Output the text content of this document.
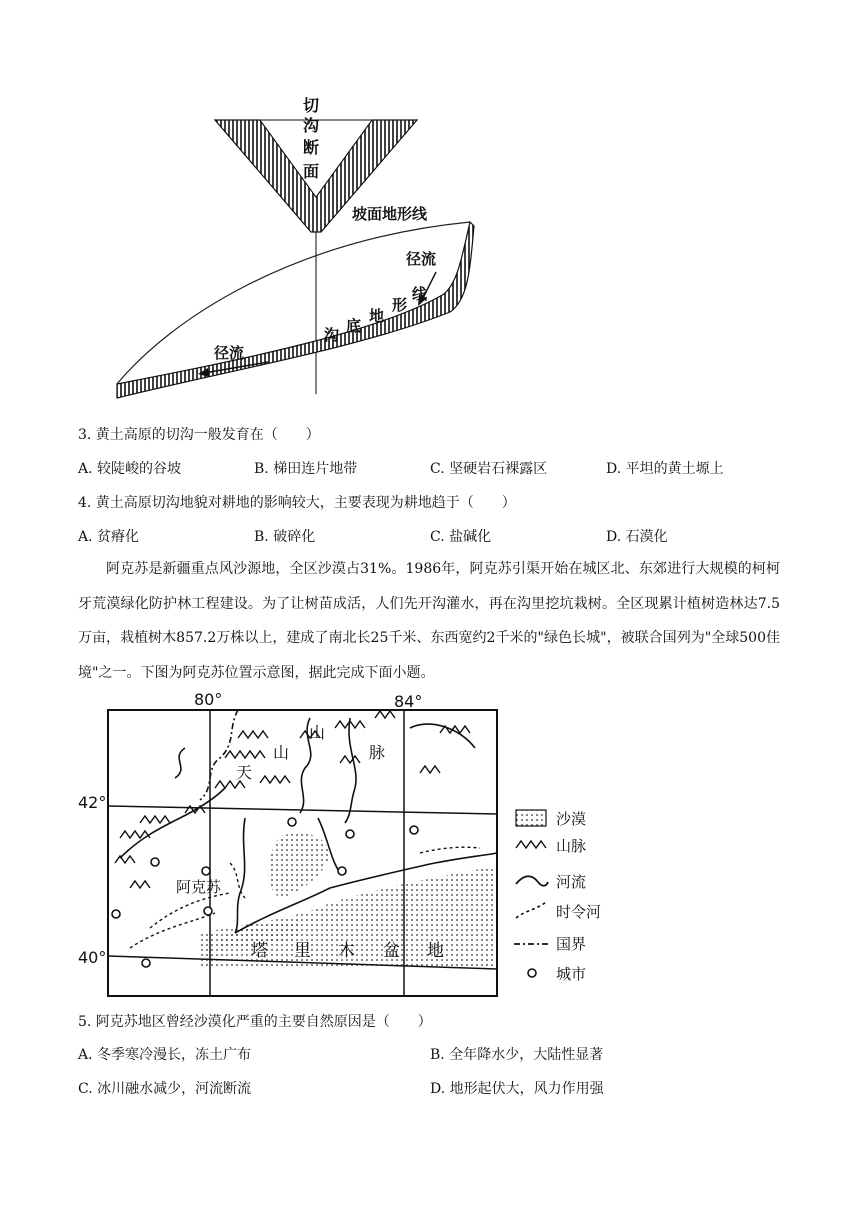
切
沟
断
面
坡面地形线
径流
沟 底
地
形
线
径流
3. 黄土高原的切沟一般发育在（　　）
A. 较陡峻的谷坡	B. 梯田连片地带	C. 坚硬岩石裸露区	D. 平坦的黄土塬上
4. 黄土高原切沟地貌对耕地的影响较大，主要表现为耕地趋于（　　）
A. 贫瘠化	B. 破碎化	C. 盐碱化	D. 石漠化
阿克苏是新疆重点风沙源地，全区沙漠占31%。1986年，阿克苏引渠开始在城区北、东郊进行大规模的柯柯牙荒漠绿化防护林工程建设。为了让树苗成活，人们先开沟灌水，再在沟里挖坑栽树。全区现累计植树造林达7.5万亩，栽植树木857.2万株以上，建成了南北长25千米、东西宽约2千米的"绿色长城"，被联合国列为"全球500佳境"之一。下图为阿克苏位置示意图，据此完成下面小题。
80°	84°
42°
40°
天
山
山
脉
阿克苏
塔 里 木 盆 地
沙漠
山脉
河流
时令河
国界
城市
5. 阿克苏地区曾经沙漠化严重的主要自然原因是（　　）
A. 冬季寒冷漫长，冻土广布	B. 全年降水少，大陆性显著
C. 冰川融水减少，河流断流	D. 地形起伏大，风力作用强
